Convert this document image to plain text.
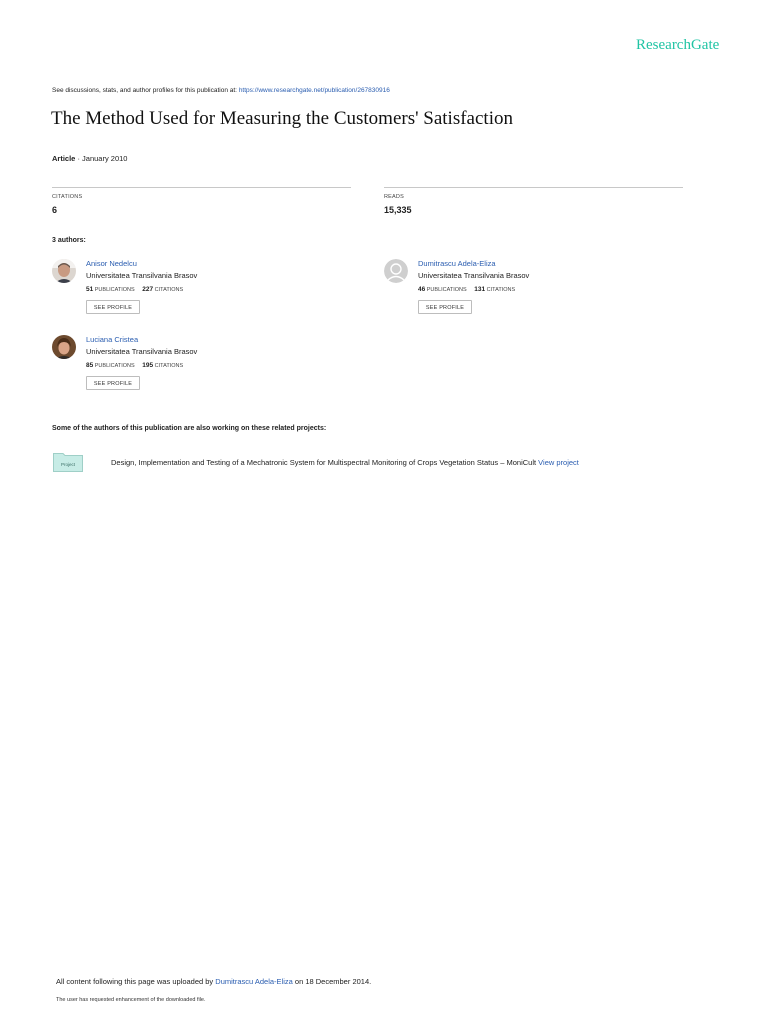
ResearchGate
See discussions, stats, and author profiles for this publication at: https://www.researchgate.net/publication/267830916
The Method Used for Measuring the Customers' Satisfaction
Article · January 2010
CITATIONS
6
READS
15,335
3 authors:
Anisor Nedelcu
Universitatea Transilvania Brasov
51 PUBLICATIONS 227 CITATIONS
SEE PROFILE
Dumitrascu Adela-Eliza
Universitatea Transilvania Brasov
46 PUBLICATIONS 131 CITATIONS
SEE PROFILE
Luciana Cristea
Universitatea Transilvania Brasov
85 PUBLICATIONS 195 CITATIONS
SEE PROFILE
Some of the authors of this publication are also working on these related projects:
Project	Design, Implementation and Testing of a Mechatronic System for Multispectral Monitoring of Crops Vegetation Status – MoniCult View project
All content following this page was uploaded by Dumitrascu Adela-Eliza on 18 December 2014.
The user has requested enhancement of the downloaded file.
